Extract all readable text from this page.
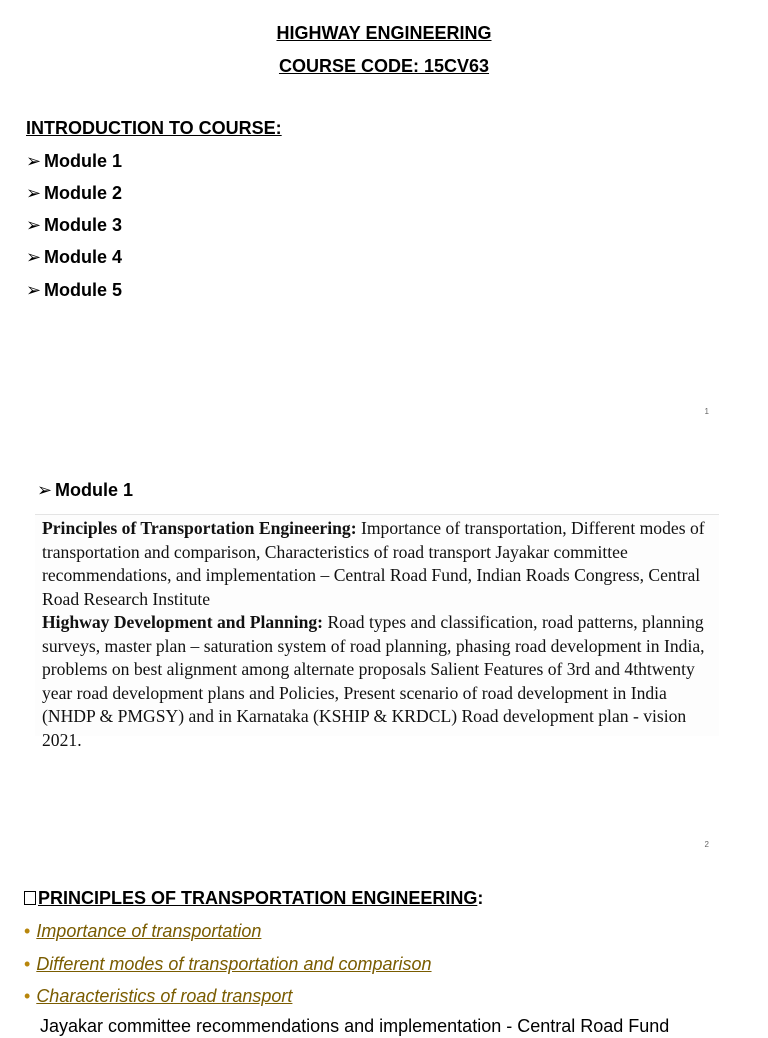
HIGHWAY ENGINEERING
COURSE CODE: 15CV63
INTRODUCTION TO COURSE:
➢ Module 1
➢ Module 2
➢ Module 3
➢ Module 4
➢ Module 5
1
➢ Module 1
Principles of Transportation Engineering: Importance of transportation, Different modes of transportation and comparison, Characteristics of road transport Jayakar committee recommendations, and implementation – Central Road Fund, Indian Roads Congress, Central Road Research Institute
Highway Development and Planning: Road types and classification, road patterns, planning surveys, master plan – saturation system of road planning, phasing road development in India, problems on best alignment among alternate proposals Salient Features of 3rd and 4thtwenty year road development plans and Policies, Present scenario of road development in India (NHDP & PMGSY) and in Karnataka (KSHIP & KRDCL) Road development plan - vision 2021.
2
PRINCIPLES OF TRANSPORTATION ENGINEERING:
• Importance of transportation
• Different modes of transportation and comparison
• Characteristics of road transport
Jayakar committee recommendations and implementation - Central Road Fund
